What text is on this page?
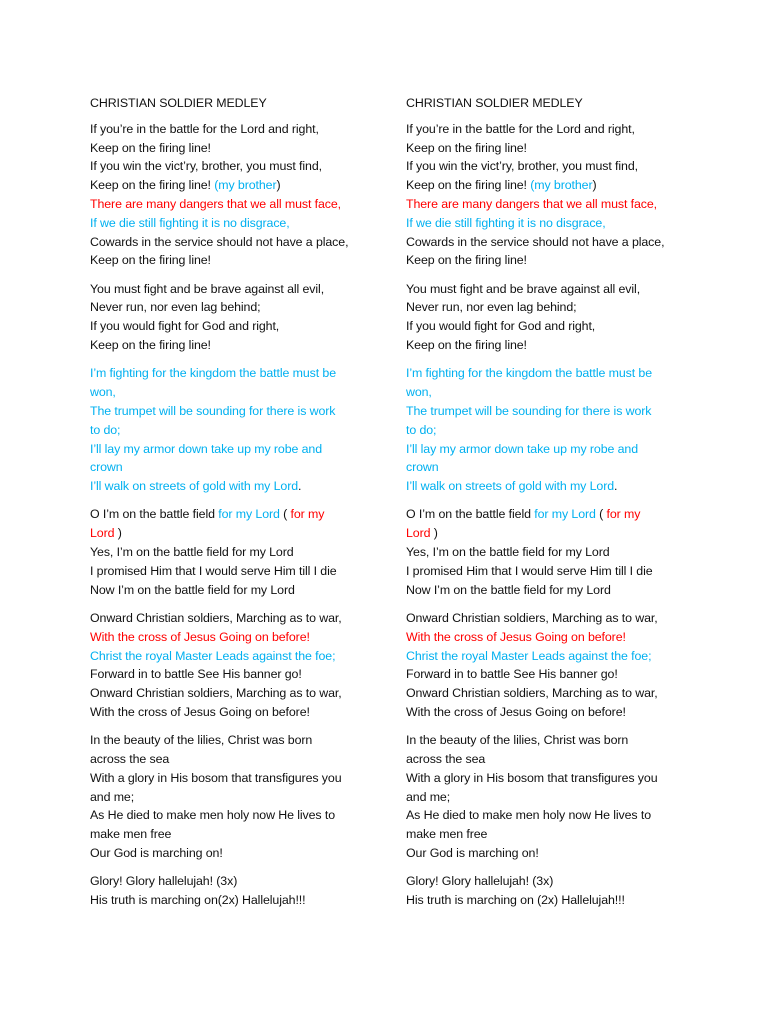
CHRISTIAN SOLDIER MEDLEY
If you’re in the battle for the Lord and right,
Keep on the firing line!
If you win the vict’ry, brother, you must find,
Keep on the firing line! (my brother)
There are many dangers that we all must face,
If we die still fighting it is no disgrace,
Cowards in the service should not have a place,
Keep on the firing line!
You must fight and be brave against all evil,
Never run, nor even lag behind;
If you would fight for God and right,
Keep on the firing line!
I’m fighting for the kingdom the battle must be
won,
The trumpet will be sounding for there is work
to do;
I’ll lay my armor down take up my robe and
crown
I’ll walk on streets of gold with my Lord.
O I’m on the battle field for my Lord ( for my
Lord )
Yes, I’m on the battle field for my Lord
I promised Him that I would serve Him till I die
Now I’m on the battle field for my Lord
Onward Christian soldiers, Marching as to war,
With the cross of Jesus Going on before!
Christ the royal Master Leads against the foe;
Forward in to battle See His banner go!
Onward Christian soldiers, Marching as to war,
With the cross of Jesus Going on before!
In the beauty of the lilies, Christ was born
across the sea
With a glory in His bosom that transfigures you
and me;
As He died to make men holy now He lives to
make men free
Our God is marching on!
Glory! Glory hallelujah! (3x)
His truth is marching on(2x) Hallelujah!!!
CHRISTIAN SOLDIER MEDLEY
If you’re in the battle for the Lord and right,
Keep on the firing line!
If you win the vict’ry, brother, you must find,
Keep on the firing line! (my brother)
There are many dangers that we all must face,
If we die still fighting it is no disgrace,
Cowards in the service should not have a place,
Keep on the firing line!
You must fight and be brave against all evil,
Never run, nor even lag behind;
If you would fight for God and right,
Keep on the firing line!
I’m fighting for the kingdom the battle must be
won,
The trumpet will be sounding for there is work
to do;
I’ll lay my armor down take up my robe and
crown
I’ll walk on streets of gold with my Lord.
O I’m on the battle field for my Lord ( for my
Lord )
Yes, I’m on the battle field for my Lord
I promised Him that I would serve Him till I die
Now I’m on the battle field for my Lord
Onward Christian soldiers, Marching as to war,
With the cross of Jesus Going on before!
Christ the royal Master Leads against the foe;
Forward in to battle See His banner go!
Onward Christian soldiers, Marching as to war,
With the cross of Jesus Going on before!
In the beauty of the lilies, Christ was born
across the sea
With a glory in His bosom that transfigures you
and me;
As He died to make men holy now He lives to
make men free
Our God is marching on!
Glory! Glory hallelujah! (3x)
His truth is marching on (2x) Hallelujah!!!
